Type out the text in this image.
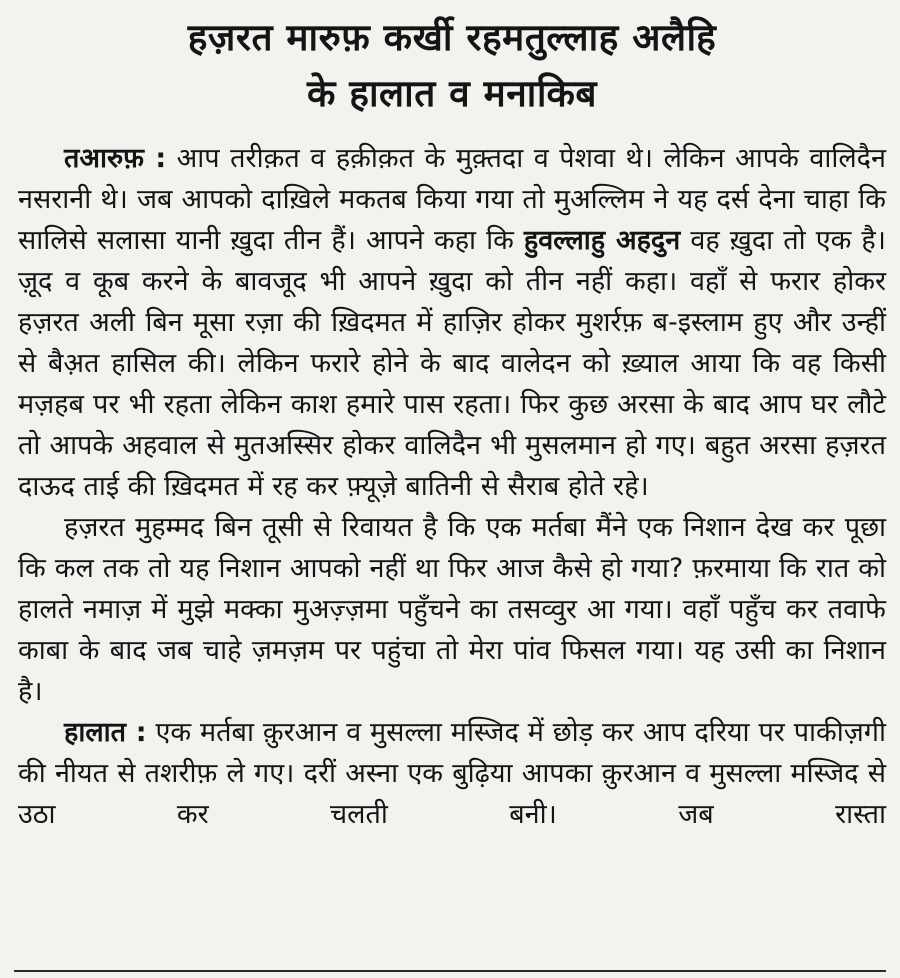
हज़रत मारुफ़ कर्खी रहमतुल्लाह अलैहि
के हालात व मनाकिब

तआरुफ़ : आप तरीक़त व हक़ीक़त के मुक़्तदा व पेशवा थे। लेकिन आपके वालिदैन नसरानी थे। जब आपको दाख़िले मकतब किया गया तो मुअल्लिम ने यह दर्स देना चाहा कि सालिसे सलासा यानी ख़ुदा तीन हैं। आपने कहा कि हुवल्लाहु अहदुन वह ख़ुदा तो एक है। ज़ूद व कूब करने के बावजूद भी आपने ख़ुदा को तीन नहीं कहा। वहाँ से फरार होकर हज़रत अली बिन मूसा रज़ा की ख़िदमत में हाज़िर होकर मुशर्रफ़ ब-इस्लाम हुए और उन्हीं से बैअ़त हासिल की। लेकिन फरारे होने के बाद वालेदन को ख़्याल आया कि वह किसी मज़हब पर भी रहता लेकिन काश हमारे पास रहता। फिर कुछ अरसा के बाद आप घर लौटे तो आपके अहवाल से मुतअस्सिर होकर वालिदैन भी मुसलमान हो गए। बहुत अरसा हज़रत दाऊद ताई की ख़िदमत में रह कर फ़्यूज़े बातिनी से सैराब होते रहे।

हज़रत मुहम्मद बिन तूसी से रिवायत है कि एक मर्तबा मैंने एक निशान देख कर पूछा कि कल तक तो यह निशान आपको नहीं था फिर आज कैसे हो गया? फ़रमाया कि रात को हालते नमाज़ में मुझे मक्का मुअज़्ज़मा पहुँचने का तसव्वुर आ गया। वहाँ पहुँच कर तवाफे काबा के बाद जब चाहे ज़मज़म पर पहुंचा तो मेरा पांव फिसल गया। यह उसी का निशान है।

हालात : एक मर्तबा क़ुरआन व मुसल्ला मस्जिद में छोड़ कर आप दरिया पर पाकीज़गी की नीयत से तशरीफ़ ले गए। दरीं अस्ना एक बुढ़िया आपका क़ुरआन व मुसल्ला मस्जिद से उठा कर चलती बनी। जब रास्ता
